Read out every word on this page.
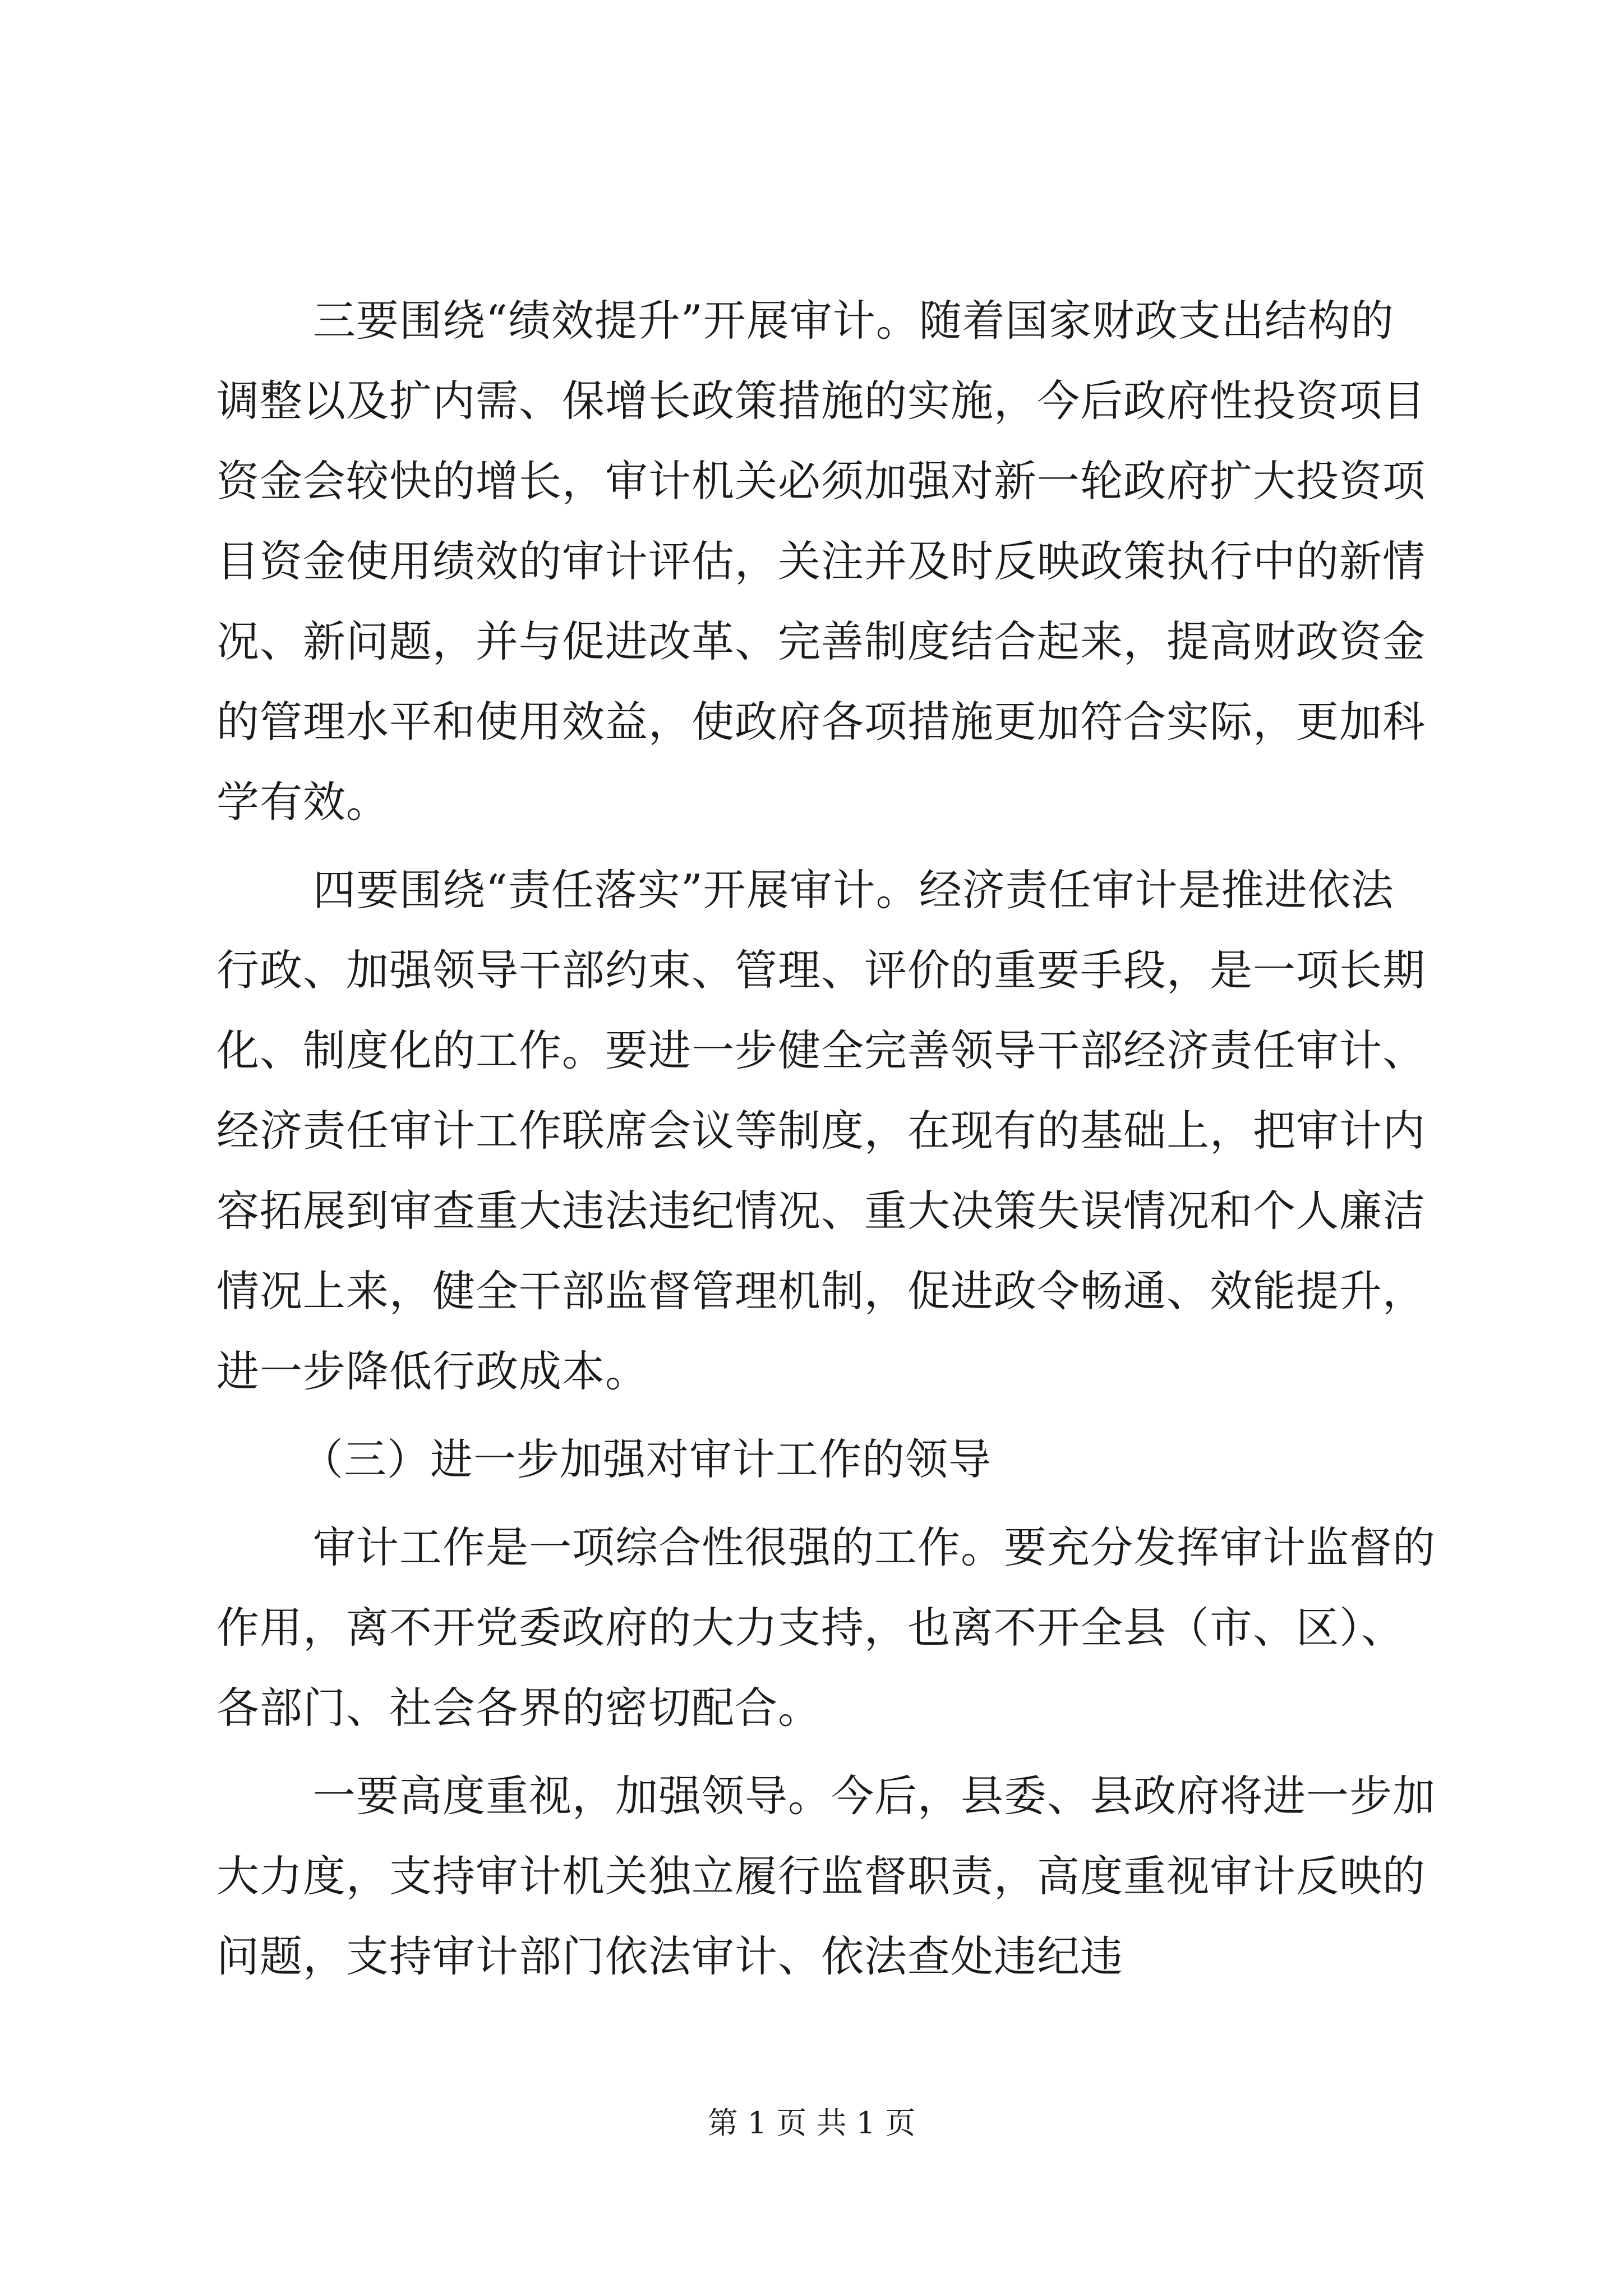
三要围绕“绩效提升”开展审计。随着国家财政支出结构的
调整以及扩内需、保增长政策措施的实施，今后政府性投资项目
资金会较快的增长，审计机关必须加强对新一轮政府扩大投资项
目资金使用绩效的审计评估，关注并及时反映政策执行中的新情
况、新问题，并与促进改革、完善制度结合起来，提高财政资金
的管理水平和使用效益，使政府各项措施更加符合实际，更加科
学有效。
四要围绕“责任落实”开展审计。经济责任审计是推进依法
行政、加强领导干部约束、管理、评价的重要手段，是一项长期
化、制度化的工作。要进一步健全完善领导干部经济责任审计、
经济责任审计工作联席会议等制度，在现有的基础上，把审计内
容拓展到审查重大违法违纪情况、重大决策失误情况和个人廉洁
情况上来，健全干部监督管理机制，促进政令畅通、效能提升，
进一步降低行政成本。
（三）进一步加强对审计工作的领导
审计工作是一项综合性很强的工作。要充分发挥审计监督的
作用，离不开党委政府的大力支持，也离不开全县（市、区）、
各部门、社会各界的密切配合。
一要高度重视，加强领导。今后，县委、县政府将进一步加
大力度，支持审计机关独立履行监督职责，高度重视审计反映的
问题，支持审计部门依法审计、依法查处违纪违
第 1 页 共 1 页
